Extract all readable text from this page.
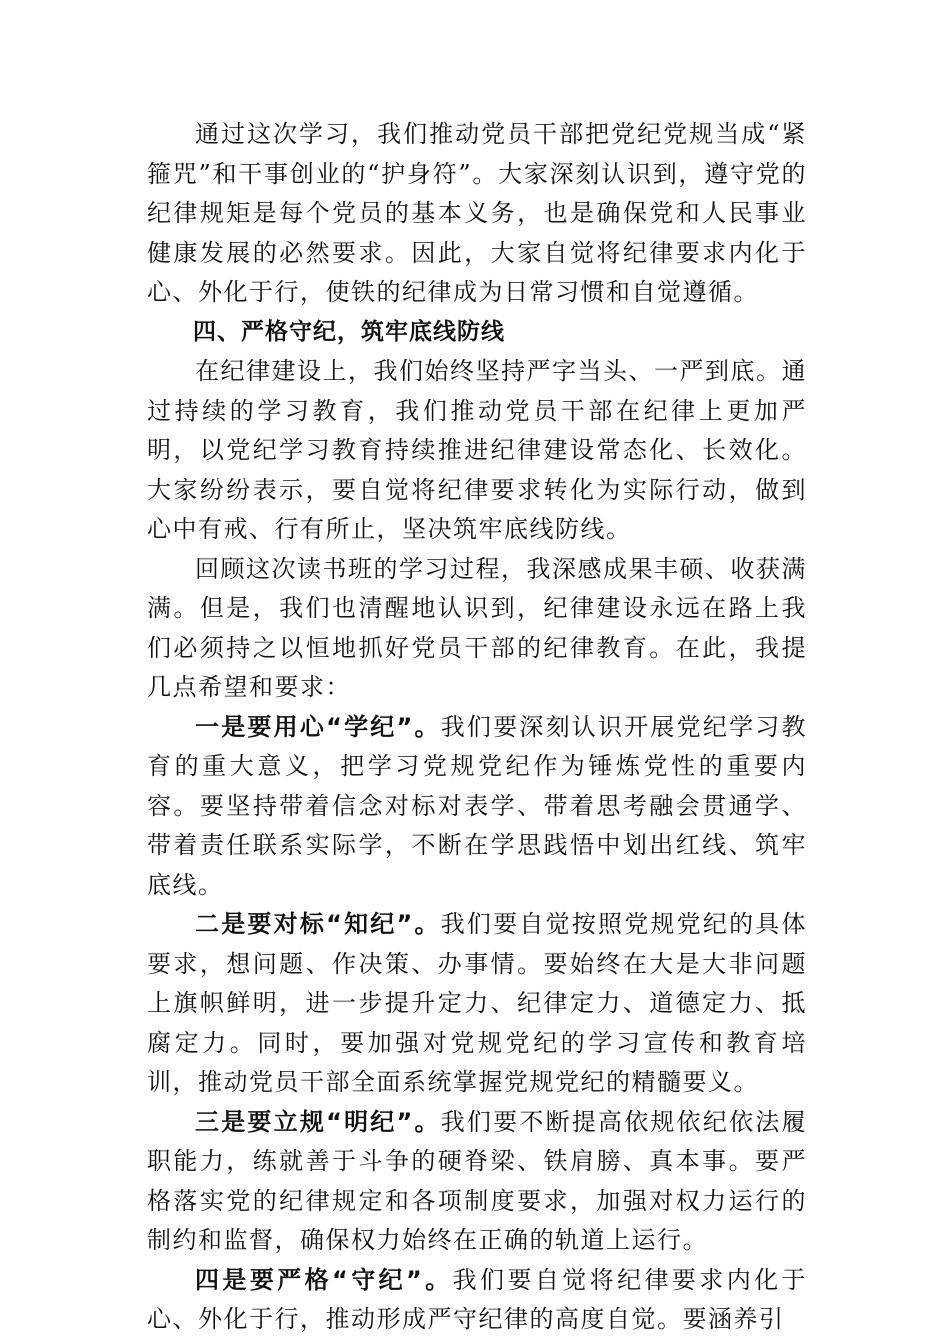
通过这次学习，我们推动党员干部把党纪党规当成“紧箍咒”和干事创业的“护身符”。大家深刻认识到，遵守党的纪律规矩是每个党员的基本义务，也是确保党和人民事业健康发展的必然要求。因此，大家自觉将纪律要求内化于心、外化于行，使铁的纪律成为日常习惯和自觉遵循。

四、严格守纪，筑牢底线防线

在纪律建设上，我们始终坚持严字当头、一严到底。通过持续的学习教育，我们推动党员干部在纪律上更加严明，以党纪学习教育持续推进纪律建设常态化、长效化。大家纷纷表示，要自觉将纪律要求转化为实际行动，做到心中有戒、行有所止，坚决筑牢底线防线。

回顾这次读书班的学习过程，我深感成果丰硕、收获满满。但是，我们也清醒地认识到，纪律建设永远在路上我们必须持之以恒地抓好党员干部的纪律教育。在此，我提几点希望和要求：

一是要用心“学纪”。我们要深刻认识开展党纪学习教育的重大意义，把学习党规党纪作为锤炼党性的重要内容。要坚持带着信念对标对表学、带着思考融会贯通学、带着责任联系实际学，不断在学思践悟中划出红线、筑牢底线。

二是要对标“知纪”。我们要自觉按照党规党纪的具体要求，想问题、作决策、办事情。要始终在大是大非问题上旗帜鲜明，进一步提升定力、纪律定力、道德定力、抵腐定力。同时，要加强对党规党纪的学习宣传和教育培训，推动党员干部全面系统掌握党规党纪的精髓要义。

三是要立规“明纪”。我们要不断提高依规依纪依法履职能力，练就善于斗争的硬脊梁、铁肩膀、真本事。要严格落实党的纪律规定和各项制度要求，加强对权力运行的制约和监督，确保权力始终在正确的轨道上运行。

四是要严格“守纪”。我们要自觉将纪律要求内化于心、外化于行，推动形成严守纪律的高度自觉。要涵养引
